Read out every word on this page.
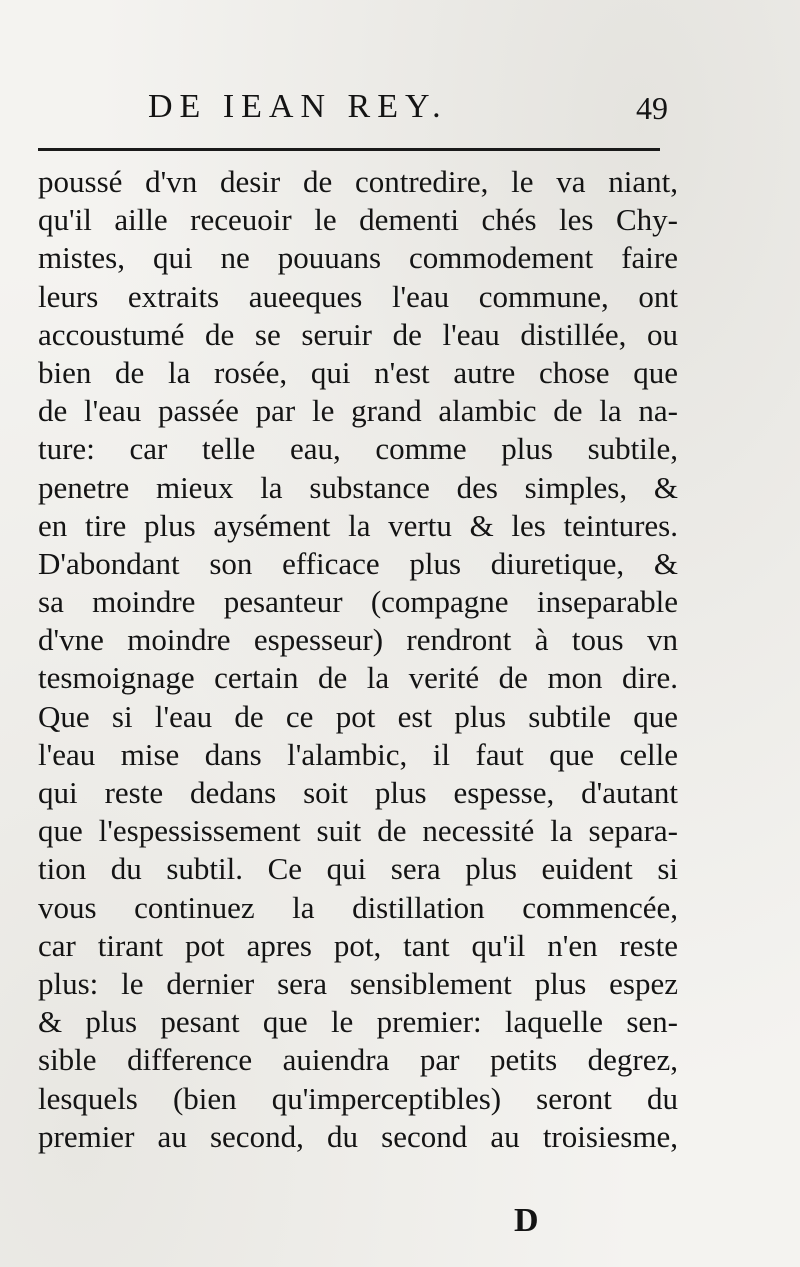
DE IEAN REY.	49
poussé d'vn desir de contredire, le va niant,
qu'il aille receuoir le dementi chés les Chy-
mistes, qui ne pouuans commodement faire
leurs extraits aueeques l'eau commune, ont
accoustumé de se seruir de l'eau distillée, ou
bien de la rosée, qui n'est autre chose que
de l'eau passée par le grand alambic de la na-
ture: car telle eau, comme plus subtile,
penetre mieux la substance des simples, &
en tire plus aysément la vertu & les teintures.
D'abondant son efficace plus diuretique, &
sa moindre pesanteur (compagne inseparable
d'vne moindre espesseur) rendront à tous vn
tesmoignage certain de la verité de mon dire.
Que si l'eau de ce pot est plus subtile que
l'eau mise dans l'alambic, il faut que celle
qui reste dedans soit plus espesse, d'autant
que l'espessissement suit de necessité la separa-
tion du subtil. Ce qui sera plus euident si
vous continuez la distillation commencée,
car tirant pot apres pot, tant qu'il n'en reste
plus: le dernier sera sensiblement plus espez
& plus pesant que le premier: laquelle sen-
sible difference auiendra par petits degrez,
lesquels (bien qu'imperceptibles) seront du
premier au second, du second au troisiesme,
D
